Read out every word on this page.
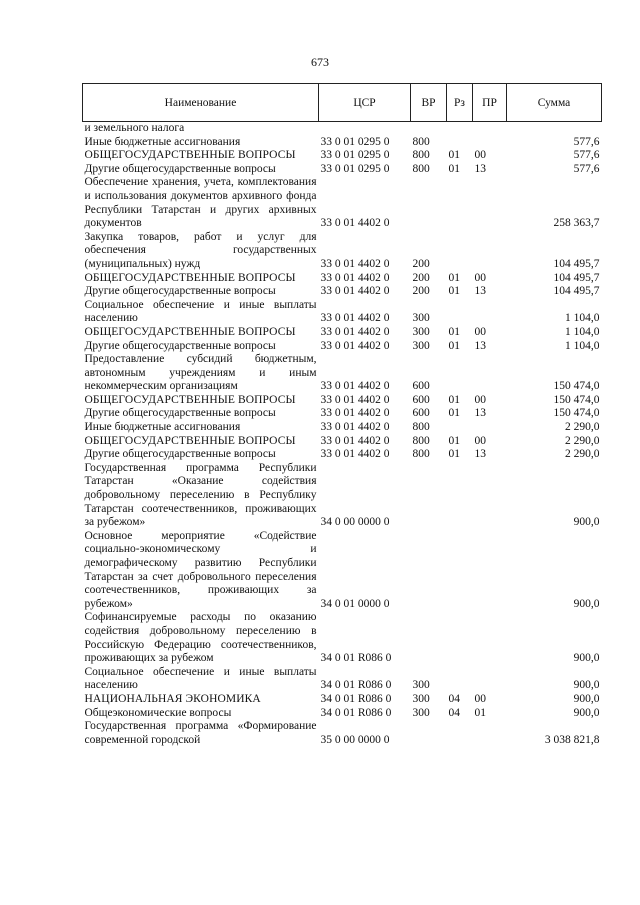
673
Наименование	ЦСР	ВР	Рз	ПР	Сумма
и земельного налога					
Иные бюджетные ассигнования	33 0 01 0295 0	800			577,6
ОБЩЕГОСУДАРСТВЕННЫЕ ВОПРОСЫ	33 0 01 0295 0	800	01	00	577,6
Другие общегосударственные вопросы	33 0 01 0295 0	800	01	13	577,6
Обеспечение хранения, учета, комплектования и использования документов архивного фонда Республики Татарстан и других архивных документов	33 0 01 4402 0				258 363,7
Закупка товаров, работ и услуг для обеспечения государственных (муниципальных) нужд	33 0 01 4402 0	200			104 495,7
ОБЩЕГОСУДАРСТВЕННЫЕ ВОПРОСЫ	33 0 01 4402 0	200	01	00	104 495,7
Другие общегосударственные вопросы	33 0 01 4402 0	200	01	13	104 495,7
Социальное обеспечение и иные выплаты населению	33 0 01 4402 0	300			1 104,0
ОБЩЕГОСУДАРСТВЕННЫЕ ВОПРОСЫ	33 0 01 4402 0	300	01	00	1 104,0
Другие общегосударственные вопросы	33 0 01 4402 0	300	01	13	1 104,0
Предоставление субсидий бюджетным, автономным учреждениям и иным некоммерческим организациям	33 0 01 4402 0	600			150 474,0
ОБЩЕГОСУДАРСТВЕННЫЕ ВОПРОСЫ	33 0 01 4402 0	600	01	00	150 474,0
Другие общегосударственные вопросы	33 0 01 4402 0	600	01	13	150 474,0
Иные бюджетные ассигнования	33 0 01 4402 0	800			2 290,0
ОБЩЕГОСУДАРСТВЕННЫЕ ВОПРОСЫ	33 0 01 4402 0	800	01	00	2 290,0
Другие общегосударственные вопросы	33 0 01 4402 0	800	01	13	2 290,0
Государственная программа Республики Татарстан «Оказание содействия добровольному переселению в Республику Татарстан соотечественников, проживающих за рубежом»	34 0 00 0000 0				900,0
Основное мероприятие «Содействие социально-экономическому и демографическому развитию Республики Татарстан за счет добровольного переселения соотечественников, проживающих за рубежом»	34 0 01 0000 0				900,0
Софинансируемые расходы по оказанию содействия добровольному переселению в Российскую Федерацию соотечественников, проживающих за рубежом	34 0 01 R086 0				900,0
Социальное обеспечение и иные выплаты населению	34 0 01 R086 0	300			900,0
НАЦИОНАЛЬНАЯ ЭКОНОМИКА	34 0 01 R086 0	300	04	00	900,0
Общеэкономические вопросы	34 0 01 R086 0	300	04	01	900,0
Государственная программа «Формирование современной городской	35 0 00 0000 0				3 038 821,8
